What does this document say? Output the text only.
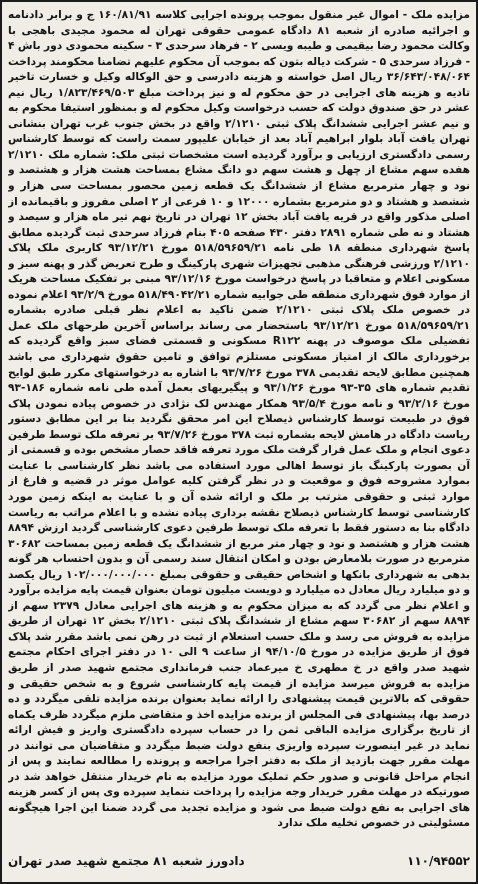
مزایده ملک - اموال غیر منقول بموجب پرونده اجرایی کلاسه ۱۶۰/۸۱/۹۱ ج و برابر دادنامه و اجرائیه صادره از شعبه ۸۱ دادگاه عمومی حقوقی تهران له محمود مجیدی باهجی با وکالت محمود رضا بیقیمی و طیبه ویسی ۲ - فرهاد سرحدی ۳ - سکینه محمودی دور باش ۴ - فرزاد سرحدی ۵ - شرکت دیاله بتون که بموجب آن محکوم علیهم تضامنا محکومند پرداخت ۳۶/۶۴۳/۰۴۸/۰۶۴ ریال اصل خواسته و هزینه دادرسی و حق الوکاله وکیل و خسارت تاخیر تادیه و هزینه های اجرایی در حق محکوم له و نیز پرداخت مبلغ ۱/۸۲۳/۴۶۹/۵۰۳ ریال نیم عشر در حق صندوق دولت که حسب درخواست وکیل محکوم له و بمنظور استیفا محکوم به و نیم عشر اجرایی ششدانگ پلاک ثبتی ۲/۱۲۱۰ واقع در بخش جنوب غرب تهران بنشانی تهران یافت آباد بلوار ابراهیم آباد بعد از خیابان علیپور سمت راست که توسط کارشناس رسمی دادگستری ارزیابی و برآورد گردیده است مشخصات ثبتی ملک: شماره ملک ۲/۱۲۱۰ هفده سهم مشاع از چهل و هشت سهم دو دانگ مشاع بمساحت هشت هزار و هشتصد و نود و چهار مترمربع مشاع از ششدانگ یک قطعه زمین محصور بمساحت سی هزار و ششصد و هشتاد و دو مترمربع بشماره ۱۲۰۰۰ و ۱۰ فرعی از ۲ اصلی مفروز و باقیمانده از اصلی مذکور واقع در قریه یافت آباد بخش ۱۲ تهران در تاریخ نهم تیر ماه هزار و سیصد و هشتاد و نه طی شماره ۲۸۹۱ دفتر ۴۳۰ صفحه ۴۰۵ بنام فرزاد سرحدی ثبت گردیده مطابق پاسخ شهرداری منطقه ۱۸ طی نامه ۵۱۸/۵۹۶۵۹/۲۱ مورخ ۹۳/۱۲/۲۱ کاربری ملک پلاک ۲/۱۲۱۰ ورزشی فرهنگی مذهبی تجهیزات شهری پارکینگ و طرح تعریض گذر و پهنه سبز و مسکونی اعلام و متعاقبا در پاسخ درخواست مورخ ۹۳/۱۲/۱۶ مبنی بر تفکیک مساحت هریک از موارد فوق شهرداری منطقه طی جوابیه شماره ۵۱۸/۴۹۰۴۲/۲۱ مورخ ۹۳/۲/۹ اعلام نموده در خصوص ملک پلاک ثبتی ۲/۱۲۱۰ ضمن تاکید به اعلام نظر قبلی صادره بشماره ۵۱۸/۵۹۶۵۹/۲۱ مورخ ۹۳/۱۲/۲۱ باستحضار می رساند براساس آخرین طرحهای ملک عمل تفضیلی ملک موصوف در پهنه R۱۲۲ مسکونی و قسمتی فضای سبز واقع گردیده که برخورداری مالک از امتیاز مسکونی مستلزم توافق و تامین حقوق شهرداری می باشد همچنین مطابق لایحه تقدیمی ۳۷۸ مورخ ۹۳/۷/۲۶ با اشاره به درخواستهای مکرر طبق لوایح تقدیم شماره های ۳۵-۹۳ مورخ ۹۳/۱/۲۶ و پیگیریهای بعمل آمده طی نامه شماره ۱۸۶-۹۳ مورخ ۹۳/۲/۱۶ و نامه مورخ ۹۳/۵/۴ همکار مهندس لک نژادی در خصوص پیاده نمودن پلاک فوق در طبیعت توسط کارشناس ذیصلاح این امر محقق نگردید بنا بر این مطابق دستور ریاست دادگاه در هامش لایحه بشماره ثبت ۳۷۸ مورخ ۹۳/۷/۲۶ بر تعرفه ملک توسط طرفین دعوی انجام و ملک عمل قرار گرفت ملک مورد تعرفه فاقد حصار مشخص بوده و قسمتی از آن بصورت پارکینگ باز توسط اهالی مورد استفاده می باشد نظر کارشناسی با عنایت بموارد مشروحه فوق و موقعیت و در نظر گرفتن کلیه عوامل موثر در قضیه و فارغ از موارد ثبتی و حقوقی مترتب بر ملک و ارائه شده آن و با عنایت به اینکه زمین مورد کارشناسی توسط کارشناس ذیصلاح نقشه برداری پیاده نشده و با اعلام مراتب به ریاست دادگاه بنا به دستور فقط با تعرفه ملک توسط طرفین دعوی کارشناسی گردید ارزش ۸۸۹۴ هشت هزار و هشتصد و نود و چهار متر مربع از ششدانگ یک قطعه زمین بمساحت ۳۰۶۸۲ مترمربع در صورت بلامعارض بودن و امکان انتقال سند رسمی آن و بدون احتساب هر گونه بدهی به شهرداری بانکها و اشخاص حقیقی و حقوقی بمبلغ ۱۰۲/۰۰۰/۰۰۰/۰۰۰ ریال یکصد و دو میلیارد ریال معادل ده میلیارد و دویست میلیون تومان بعنوان قیمت پایه مزایده برآورد و اعلام نظر می گردد که به میزان محکوم به و هزینه های اجرایی معادل ۲۳۷۹ سهم از ۸۸۹۴ سهم از ۳۰۶۸۲ سهم مشاع از ششدانگ پلاک ثبتی ۲/۱۲۱۰ بخش ۱۲ تهران از طریق مزایده به فروش می رسد و ملک حسب استعلام از ثبت در رهن نمی باشد مقرر شد پلاک فوق از طریق مزایده در مورخ ۹۴/۱۰/۵ از ساعت ۹ الی ۱۰ در دفتر اجرای احکام مجتمع شهید صدر واقع در خ مطهری خ میرعماد جنب فرمانداری مجتمع شهید صدر از طریق مزایده به فروش میرسد مزایده از قیمت پایه کارشناسی شروع و به شخص حقیقی و حقوقی که بالاترین قیمت پیشنهادی را ارائه نماید بعنوان برنده مزایده تلقی میگردد و ده درصد بها، پیشنهادی فی المجلس از برنده مزایده اخذ و متقاضی ملزم میگردد ظرف یکماه از تاریخ برگزاری مزایده الباقی ثمن را در حساب سپرده دادگستری واریز و فیش ارائه نماید در غیر اینصورت سپرده واریزی بنفع دولت ضبط میگردد و متقاضیان می توانند در مهلت مقرر جهت بازدید از ملک به دفتر اجرا مراجعه و پرونده را مطالعه نمایند و پس از انجام مراحل قانونی و صدور حکم تملیک مورد مزایده به نام خریدار منتقل خواهد شد در صورتیکه در مهلت مقرر خریدار وجه مزایده را پرداخت ننماید سپرده وی پس از کسر هزینه های اجرایی به نفع دولت ضبط می شود و مزایده تجدید می گردد ضمنا این اجرا هیچگونه مسئولیتی در خصوص تخلیه ملک ندارد
۱۱۰/۹۴۵۵۲
دادورز شعبه ۸۱ مجتمع شهید صدر تهران
